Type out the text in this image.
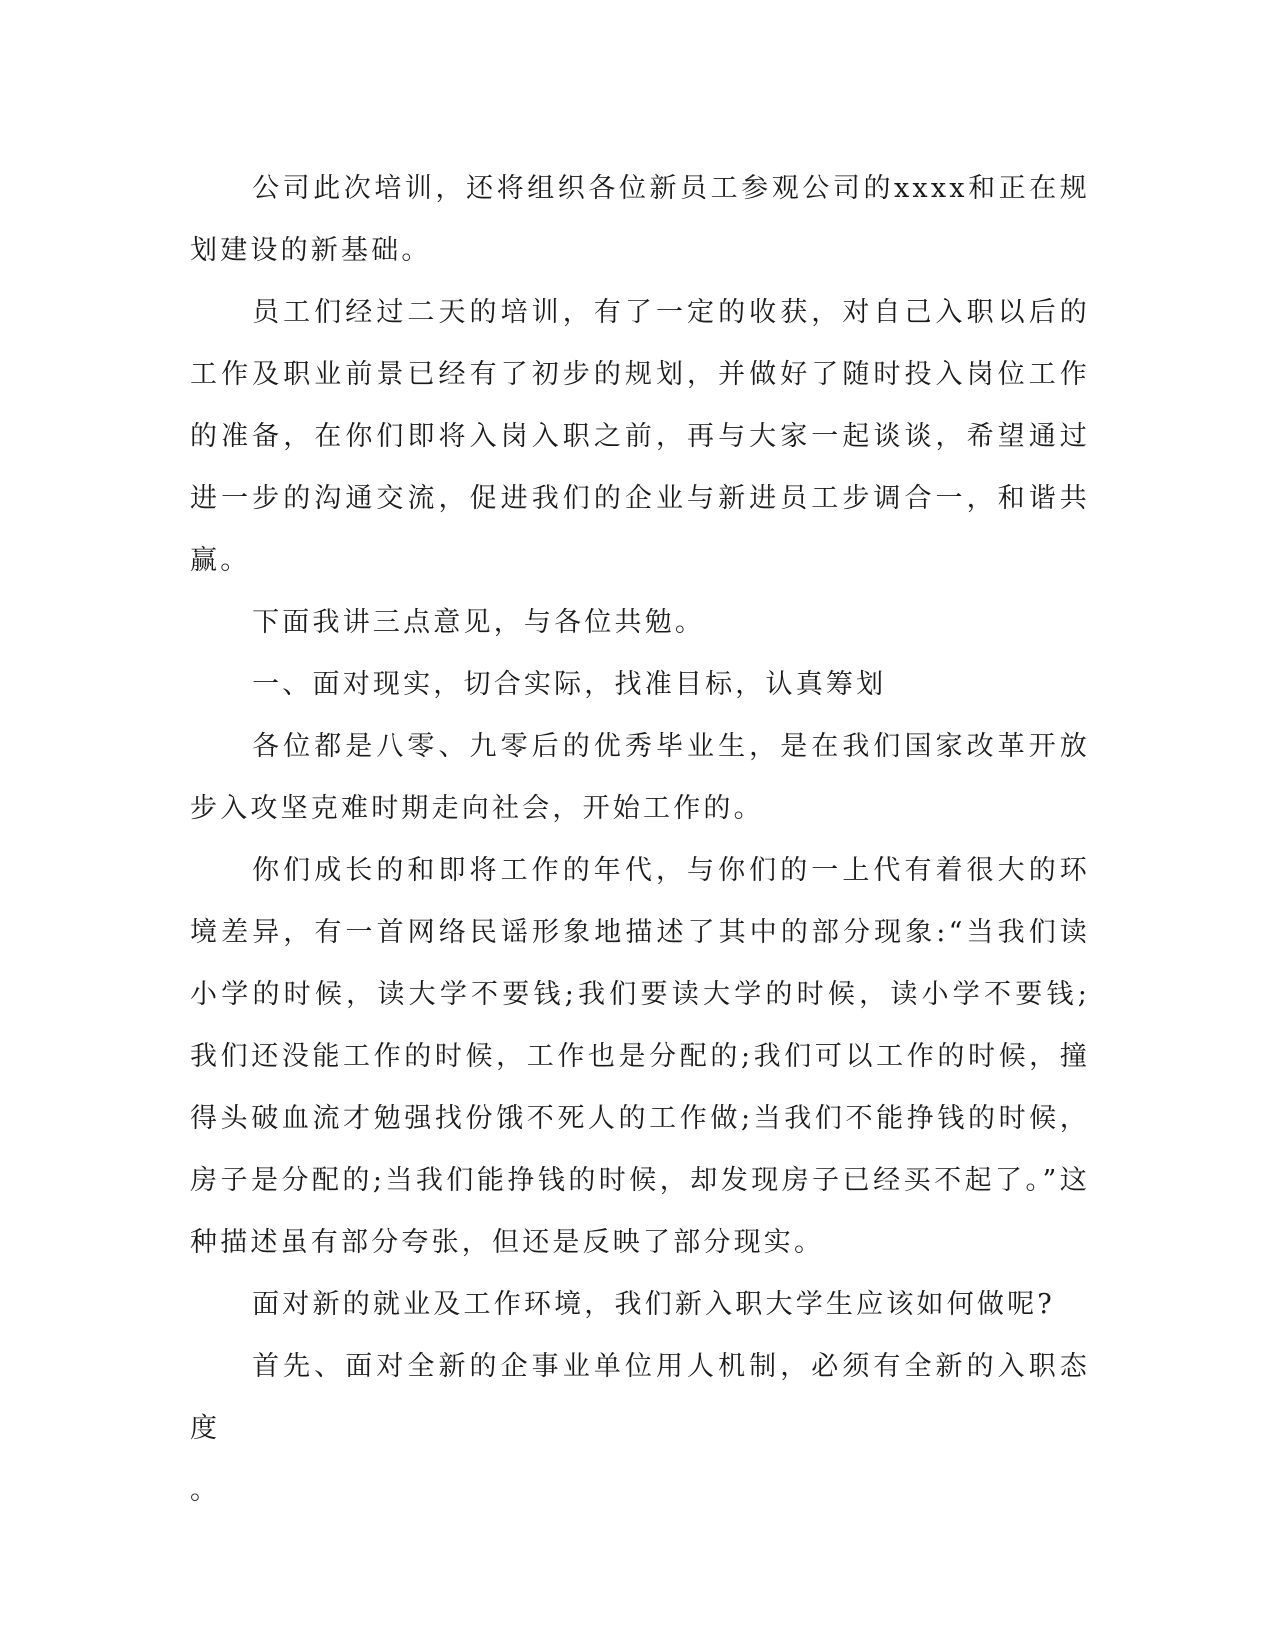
公司此次培训，还将组织各位新员工参观公司的xxxx和正在规划建设的新基础。

员工们经过二天的培训，有了一定的收获，对自己入职以后的工作及职业前景已经有了初步的规划，并做好了随时投入岗位工作的准备，在你们即将入岗入职之前，再与大家一起谈谈，希望通过进一步的沟通交流，促进我们的企业与新进员工步调合一，和谐共赢。

下面我讲三点意见，与各位共勉。

一、面对现实，切合实际，找准目标，认真筹划

各位都是八零、九零后的优秀毕业生，是在我们国家改革开放步入攻坚克难时期走向社会，开始工作的。

你们成长的和即将工作的年代，与你们的一上代有着很大的环境差异，有一首网络民谣形象地描述了其中的部分现象:“当我们读小学的时候，读大学不要钱;我们要读大学的时候，读小学不要钱;我们还没能工作的时候，工作也是分配的;我们可以工作的时候，撞得头破血流才勉强找份饿不死人的工作做;当我们不能挣钱的时候，房子是分配的;当我们能挣钱的时候，却发现房子已经买不起了。”这种描述虽有部分夸张，但还是反映了部分现实。

面对新的就业及工作环境，我们新入职大学生应该如何做呢?

首先、面对全新的企事业单位用人机制，必须有全新的入职态度

。
